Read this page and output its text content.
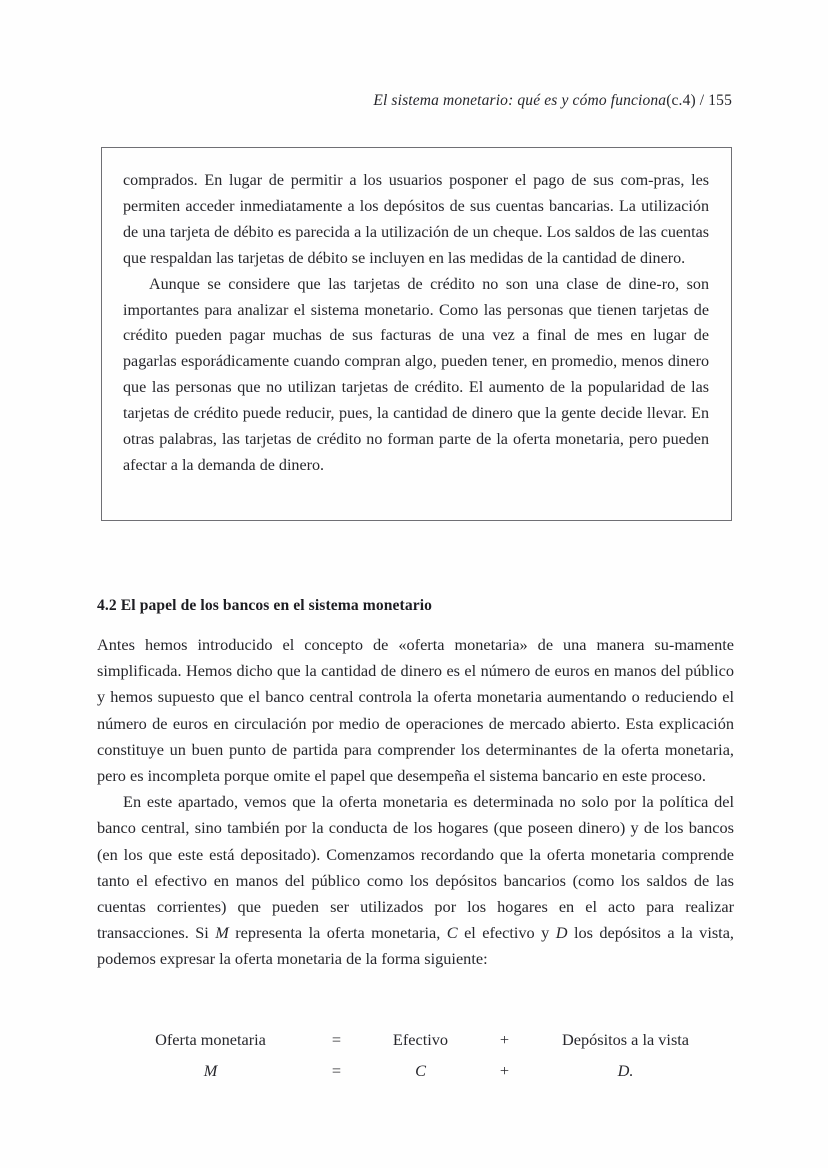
El sistema monetario: qué es y cómo funciona(c.4) / 155

comprados. En lugar de permitir a los usuarios posponer el pago de sus com-pras, les permiten acceder inmediatamente a los depósitos de sus cuentas bancarias. La utilización de una tarjeta de débito es parecida a la utilización de un cheque. Los saldos de las cuentas que respaldan las tarjetas de débito se incluyen en las medidas de la cantidad de dinero.

Aunque se considere que las tarjetas de crédito no son una clase de dine-ro, son importantes para analizar el sistema monetario. Como las personas que tienen tarjetas de crédito pueden pagar muchas de sus facturas de una vez a final de mes en lugar de pagarlas esporádicamente cuando compran algo, pueden tener, en promedio, menos dinero que las personas que no utilizan tarjetas de crédito. El aumento de la popularidad de las tarjetas de crédito puede reducir, pues, la cantidad de dinero que la gente decide llevar. En otras palabras, las tarjetas de crédito no forman parte de la oferta monetaria, pero pueden afectar a la demanda de dinero.

4.2 El papel de los bancos en el sistema monetario

Antes hemos introducido el concepto de «oferta monetaria» de una manera su-mamente simplificada. Hemos dicho que la cantidad de dinero es el número de euros en manos del público y hemos supuesto que el banco central controla la oferta monetaria aumentando o reduciendo el número de euros en circulación por medio de operaciones de mercado abierto. Esta explicación constituye un buen punto de partida para comprender los determinantes de la oferta monetaria, pero es incompleta porque omite el papel que desempeña el sistema bancario en este proceso.

En este apartado, vemos que la oferta monetaria es determinada no solo por la política del banco central, sino también por la conducta de los hogares (que poseen dinero) y de los bancos (en los que este está depositado). Comenzamos recordando que la oferta monetaria comprende tanto el efectivo en manos del público como los depósitos bancarios (como los saldos de las cuentas corrientes) que pueden ser utilizados por los hogares en el acto para realizar transacciones. Si M representa la oferta monetaria, C el efectivo y D los depósitos a la vista, podemos expresar la oferta monetaria de la forma siguiente:

Oferta monetaria	=	Efectivo	+	Depósitos a la vista
M	=	C	+	D.
